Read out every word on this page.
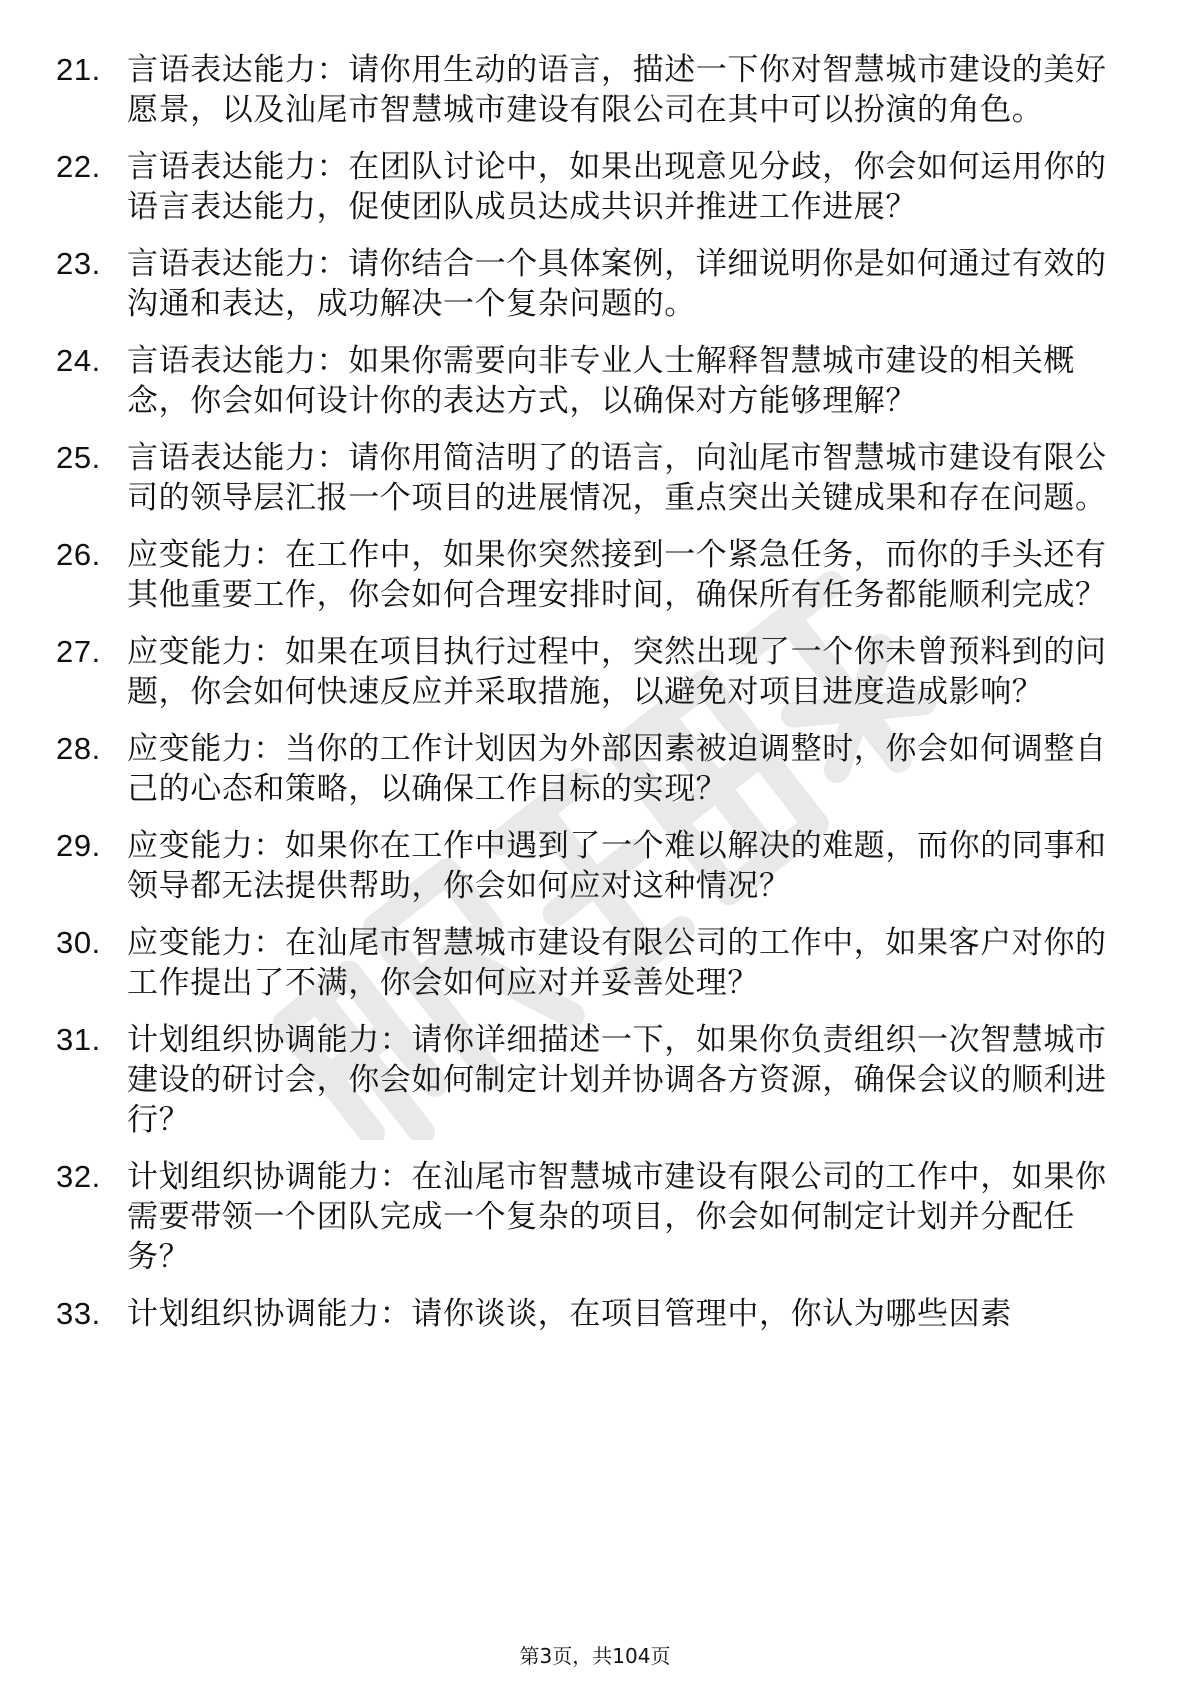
21. 言语表达能力：请你用生动的语言，描述一下你对智慧城市建设的美好愿景，以及汕尾市智慧城市建设有限公司在其中可以扮演的角色。
22. 言语表达能力：在团队讨论中，如果出现意见分歧，你会如何运用你的语言表达能力，促使团队成员达成共识并推进工作进展？
23. 言语表达能力：请你结合一个具体案例，详细说明你是如何通过有效的沟通和表达，成功解决一个复杂问题的。
24. 言语表达能力：如果你需要向非专业人士解释智慧城市建设的相关概念，你会如何设计你的表达方式，以确保对方能够理解？
25. 言语表达能力：请你用简洁明了的语言，向汕尾市智慧城市建设有限公司的领导层汇报一个项目的进展情况，重点突出关键成果和存在问题。
26. 应变能力：在工作中，如果你突然接到一个紧急任务，而你的手头还有其他重要工作，你会如何合理安排时间，确保所有任务都能顺利完成？
27. 应变能力：如果在项目执行过程中，突然出现了一个你未曾预料到的问题，你会如何快速反应并采取措施，以避免对项目进度造成影响？
28. 应变能力：当你的工作计划因为外部因素被迫调整时，你会如何调整自己的心态和策略，以确保工作目标的实现？
29. 应变能力：如果你在工作中遇到了一个难以解决的难题，而你的同事和领导都无法提供帮助，你会如何应对这种情况？
30. 应变能力：在汕尾市智慧城市建设有限公司的工作中，如果客户对你的工作提出了不满，你会如何应对并妥善处理？
31. 计划组织协调能力：请你详细描述一下，如果你负责组织一次智慧城市建设的研讨会，你会如何制定计划并协调各方资源，确保会议的顺利进行？
32. 计划组织协调能力：在汕尾市智慧城市建设有限公司的工作中，如果你需要带领一个团队完成一个复杂的项目，你会如何制定计划并分配任务？
33. 计划组织协调能力：请你谈谈，在项目管理中，你认为哪些因素
第3页，共104页
